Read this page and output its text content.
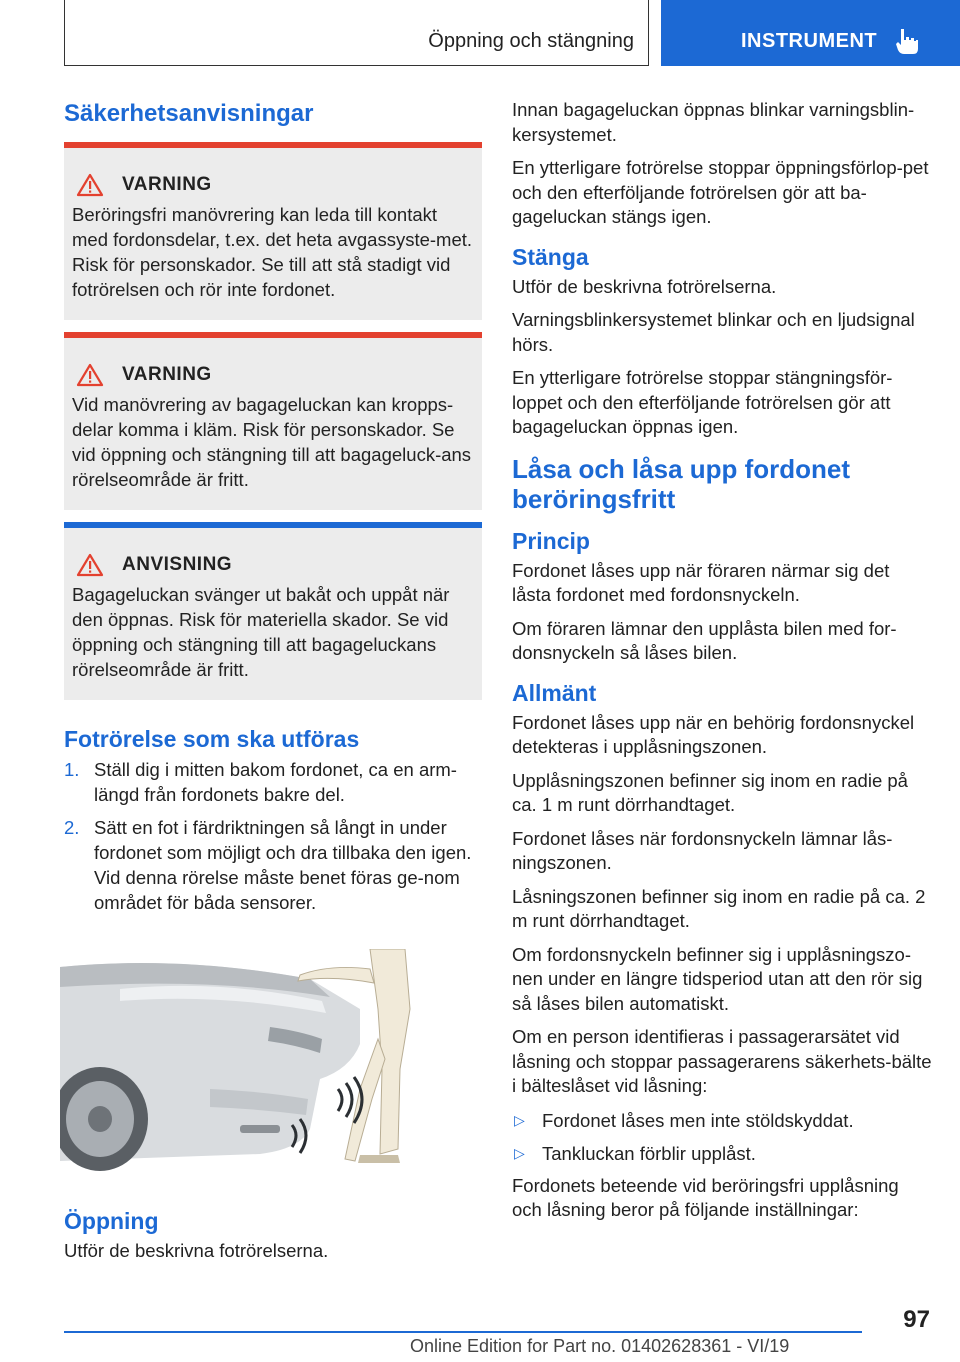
Öppning och stängning	INSTRUMENT
Säkerhetsanvisningar
VARNING
Beröringsfri manövrering kan leda till kontakt med fordonsdelar, t.ex. det heta avgassyste-met. Risk för personskador. Se till att stå stadigt vid fotrörelsen och rör inte fordonet.
VARNING
Vid manövrering av bagageluckan kan kropps-delar komma i kläm. Risk för personskador. Se vid öppning och stängning till att bagageluck-ans rörelseområde är fritt.
ANVISNING
Bagageluckan svänger ut bakåt och uppåt när den öppnas. Risk för materiella skador. Se vid öppning och stängning till att bagageluckans rörelseområde är fritt.
Fotrörelse som ska utföras
1. Ställ dig i mitten bakom fordonet, ca en arm-längd från fordonets bakre del.
2. Sätt en fot i färdriktningen så långt in under fordonet som möjligt och dra tillbaka den igen. Vid denna rörelse måste benet föras ge-nom området för båda sensorer.
Öppning

Utför de beskrivna fotrörelserna.

Innan bagageluckan öppnas blinkar varningsblin-kersystemet.

En ytterligare fotrörelse stoppar öppningsförlop-pet och den efterföljande fotrörelsen gör att ba-gageluckan stängs igen.

Stänga

Utför de beskrivna fotrörelserna.

Varningsblinkersystemet blinkar och en ljudsignal hörs.

En ytterligare fotrörelse stoppar stängningsför-loppet och den efterföljande fotrörelsen gör att bagageluckan öppnas igen.

Låsa och låsa upp fordonet beröringsfritt
Princip

Fordonet låses upp när föraren närmar sig det låsta fordonet med fordonsnyckeln.

Om föraren lämnar den upplåsta bilen med for-donsnyckeln så låses bilen.

Allmänt

Fordonet låses upp när en behörig fordonsnyckel detekteras i upplåsningszonen.

Upplåsningszonen befinner sig inom en radie på ca. 1 m runt dörrhandtaget.

Fordonet låses när fordonsnyckeln lämnar lås-ningszonen.

Låsningszonen befinner sig inom en radie på ca. 2 m runt dörrhandtaget.

Om fordonsnyckeln befinner sig i upplåsningszo-nen under en längre tidsperiod utan att den rör sig så låses bilen automatiskt.

Om en person identifieras i passagerarsätet vid låsning och stoppar passagerarens säkerhets-bälte i bälteslåset vid låsning:

▷ Fordonet låses men inte stöldskyddat.
▷ Tankluckan förblir upplåst.

Fordonets beteende vid beröringsfri upplåsning och låsning beror på följande inställningar:

97
Online Edition for Part no. 01402628361 - VI/19
